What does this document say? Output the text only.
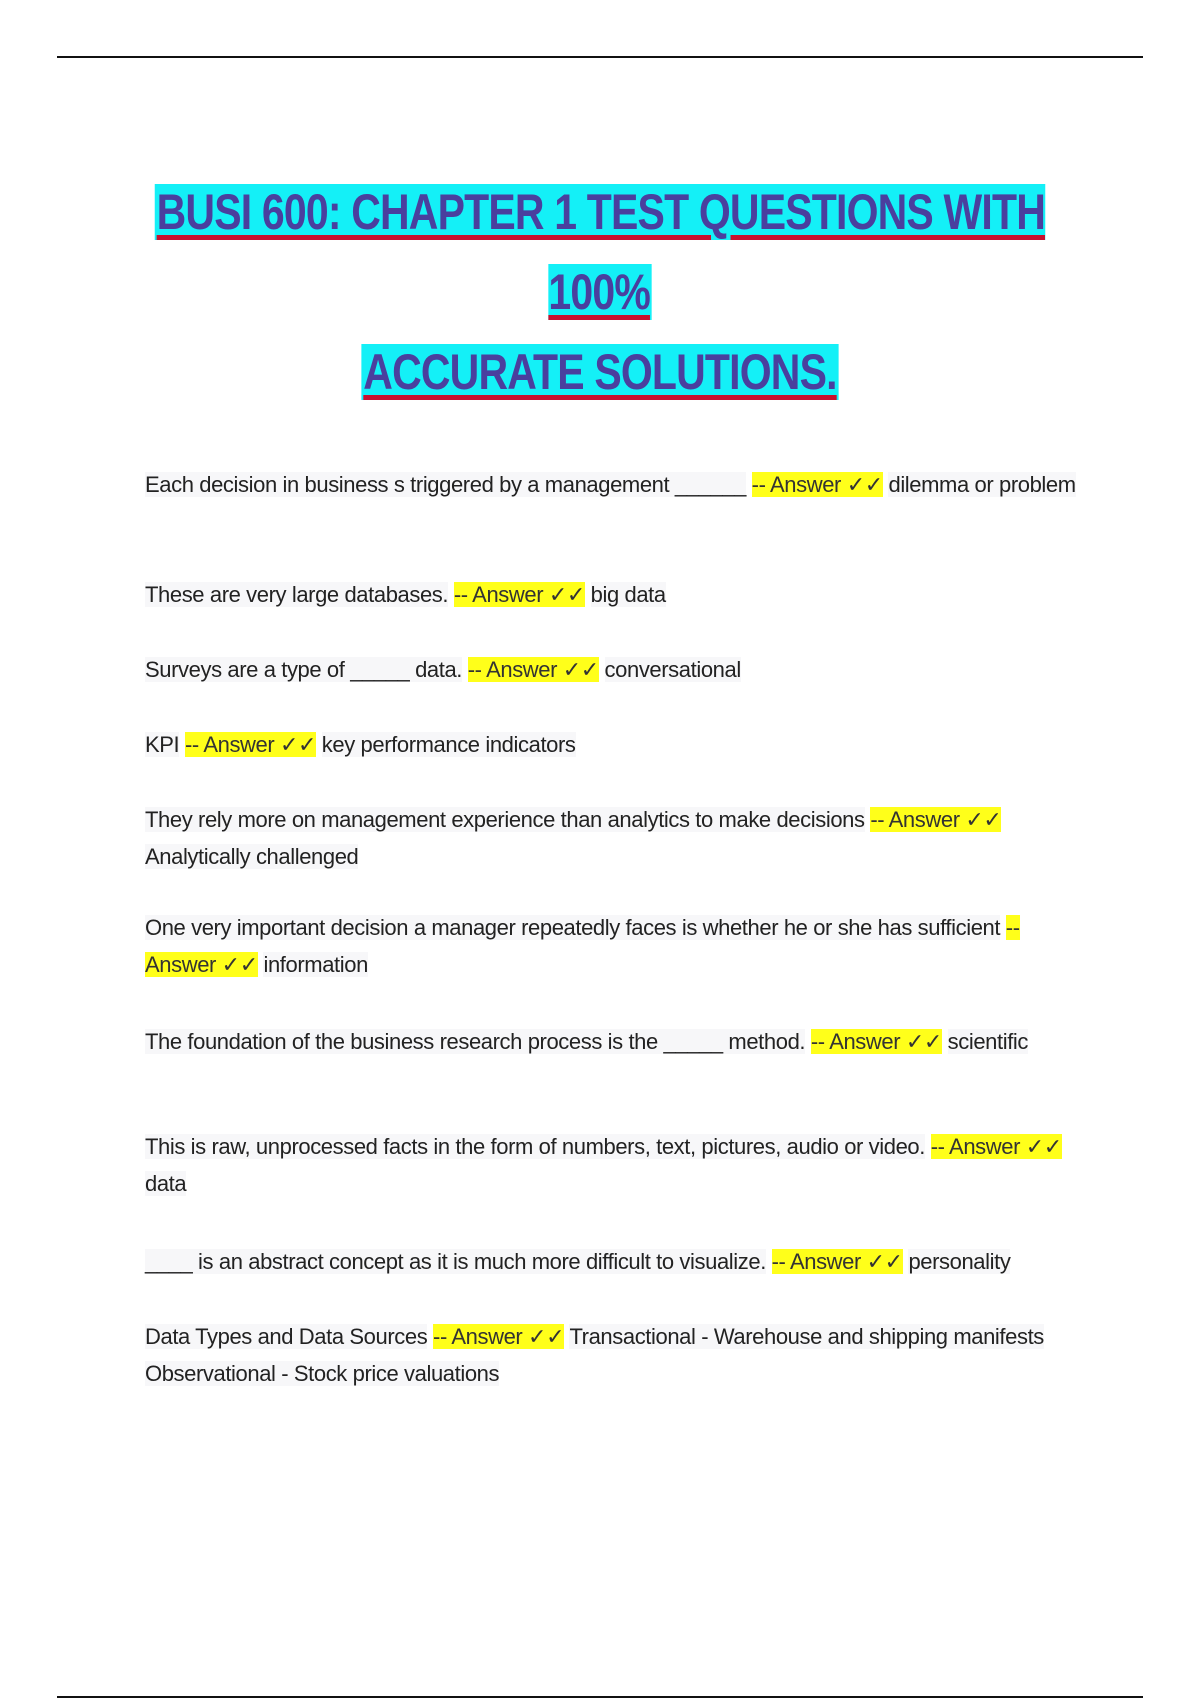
BUSI 600: CHAPTER 1 TEST QUESTIONS WITH 100%
ACCURATE SOLUTIONS.
Each decision in business s triggered by a management ______ -- Answer ✓✓ dilemma or problem
These are very large databases. -- Answer ✓✓ big data
Surveys are a type of _____ data. -- Answer ✓✓ conversational
KPI -- Answer ✓✓ key performance indicators
They rely more on management experience than analytics to make decisions -- Answer ✓✓ Analytically challenged
One very important decision a manager repeatedly faces is whether he or she has sufficient -- Answer ✓✓ information
The foundation of the business research process is the _____ method. -- Answer ✓✓ scientific
This is raw, unprocessed facts in the form of numbers, text, pictures, audio or video. -- Answer ✓✓ data
____ is an abstract concept as it is much more difficult to visualize. -- Answer ✓✓ personality
Data Types and Data Sources -- Answer ✓✓ Transactional - Warehouse and shipping manifests
Observational - Stock price valuations
